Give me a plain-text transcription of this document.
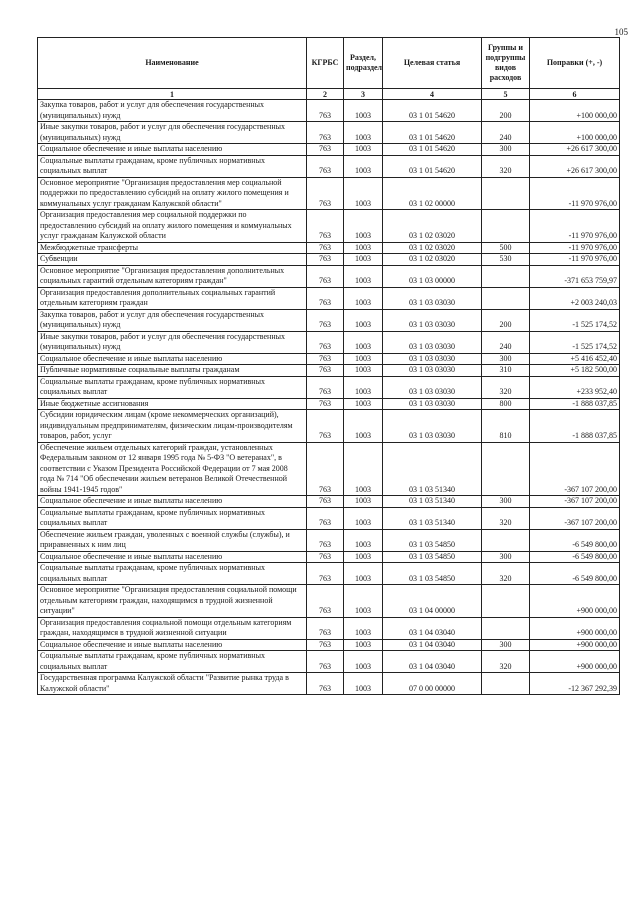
105
Наименование	КГРБС	Раздел, подраздел	Целевая статья	Группы и подгруппы видов расходов	Поправки (+, -)
1	2	3	4	5	6
Закупка товаров, работ и услуг для обеспечения государственных (муниципальных) нужд	763	1003	03 1 01 54620	200	+100 000,00
Иные закупки товаров, работ и услуг для обеспечения государственных (муниципальных) нужд	763	1003	03 1 01 54620	240	+100 000,00
Социальное обеспечение и иные выплаты населению	763	1003	03 1 01 54620	300	+26 617 300,00
Социальные выплаты гражданам, кроме публичных нормативных социальных выплат	763	1003	03 1 01 54620	320	+26 617 300,00
Основное мероприятие "Организация предоставления мер социальной поддержки по предоставлению субсидий на оплату жилого помещения и коммунальных услуг гражданам Калужской области"	763	1003	03 1 02 00000		-11 970 976,00
Организация предоставления мер социальной поддержки по предоставлению субсидий на оплату жилого помещения и коммунальных услуг гражданам Калужской области	763	1003	03 1 02 03020		-11 970 976,00
Межбюджетные трансферты	763	1003	03 1 02 03020	500	-11 970 976,00
Субвенции	763	1003	03 1 02 03020	530	-11 970 976,00
Основное мероприятие "Организация предоставления дополнительных социальных гарантий отдельным категориям граждан"	763	1003	03 1 03 00000		-371 653 759,97
Организация предоставления дополнительных социальных гарантий отдельным категориям граждан	763	1003	03 1 03 03030		+2 003 240,03
Закупка товаров, работ и услуг для обеспечения государственных (муниципальных) нужд	763	1003	03 1 03 03030	200	-1 525 174,52
Иные закупки товаров, работ и услуг для обеспечения государственных (муниципальных) нужд	763	1003	03 1 03 03030	240	-1 525 174,52
Социальное обеспечение и иные выплаты населению	763	1003	03 1 03 03030	300	+5 416 452,40
Публичные нормативные социальные выплаты гражданам	763	1003	03 1 03 03030	310	+5 182 500,00
Социальные выплаты гражданам, кроме публичных нормативных социальных выплат	763	1003	03 1 03 03030	320	+233 952,40
Иные бюджетные ассигнования	763	1003	03 1 03 03030	800	-1 888 037,85
Субсидии юридическим лицам (кроме некоммерческих организаций), индивидуальным предпринимателям, физическим лицам-производителям товаров, работ, услуг	763	1003	03 1 03 03030	810	-1 888 037,85
Обеспечение жильем отдельных категорий граждан, установленных Федеральным законом от 12 января 1995 года № 5-ФЗ "О ветеранах", в соответствии с Указом Президента Российской Федерации от 7 мая 2008 года № 714 "Об обеспечении жильем ветеранов Великой Отечественной войны 1941-1945 годов"	763	1003	03 1 03 51340		-367 107 200,00
Социальное обеспечение и иные выплаты населению	763	1003	03 1 03 51340	300	-367 107 200,00
Социальные выплаты гражданам, кроме публичных нормативных социальных выплат	763	1003	03 1 03 51340	320	-367 107 200,00
Обеспечение жильем граждан, уволенных с военной службы (службы), и приравненных к ним лиц	763	1003	03 1 03 54850		-6 549 800,00
Социальное обеспечение и иные выплаты населению	763	1003	03 1 03 54850	300	-6 549 800,00
Социальные выплаты гражданам, кроме публичных нормативных социальных выплат	763	1003	03 1 03 54850	320	-6 549 800,00
Основное мероприятие "Организация предоставления социальной помощи отдельным категориям граждан, находящимся в трудной жизненной ситуации"	763	1003	03 1 04 00000		+900 000,00
Организация предоставления социальной помощи отдельным категориям граждан, находящимся в трудной жизненной ситуации	763	1003	03 1 04 03040		+900 000,00
Социальное обеспечение и иные выплаты населению	763	1003	03 1 04 03040	300	+900 000,00
Социальные выплаты гражданам, кроме публичных нормативных социальных выплат	763	1003	03 1 04 03040	320	+900 000,00
Государственная программа Калужской области "Развитие рынка труда в Калужской области"	763	1003	07 0 00 00000		-12 367 292,39
